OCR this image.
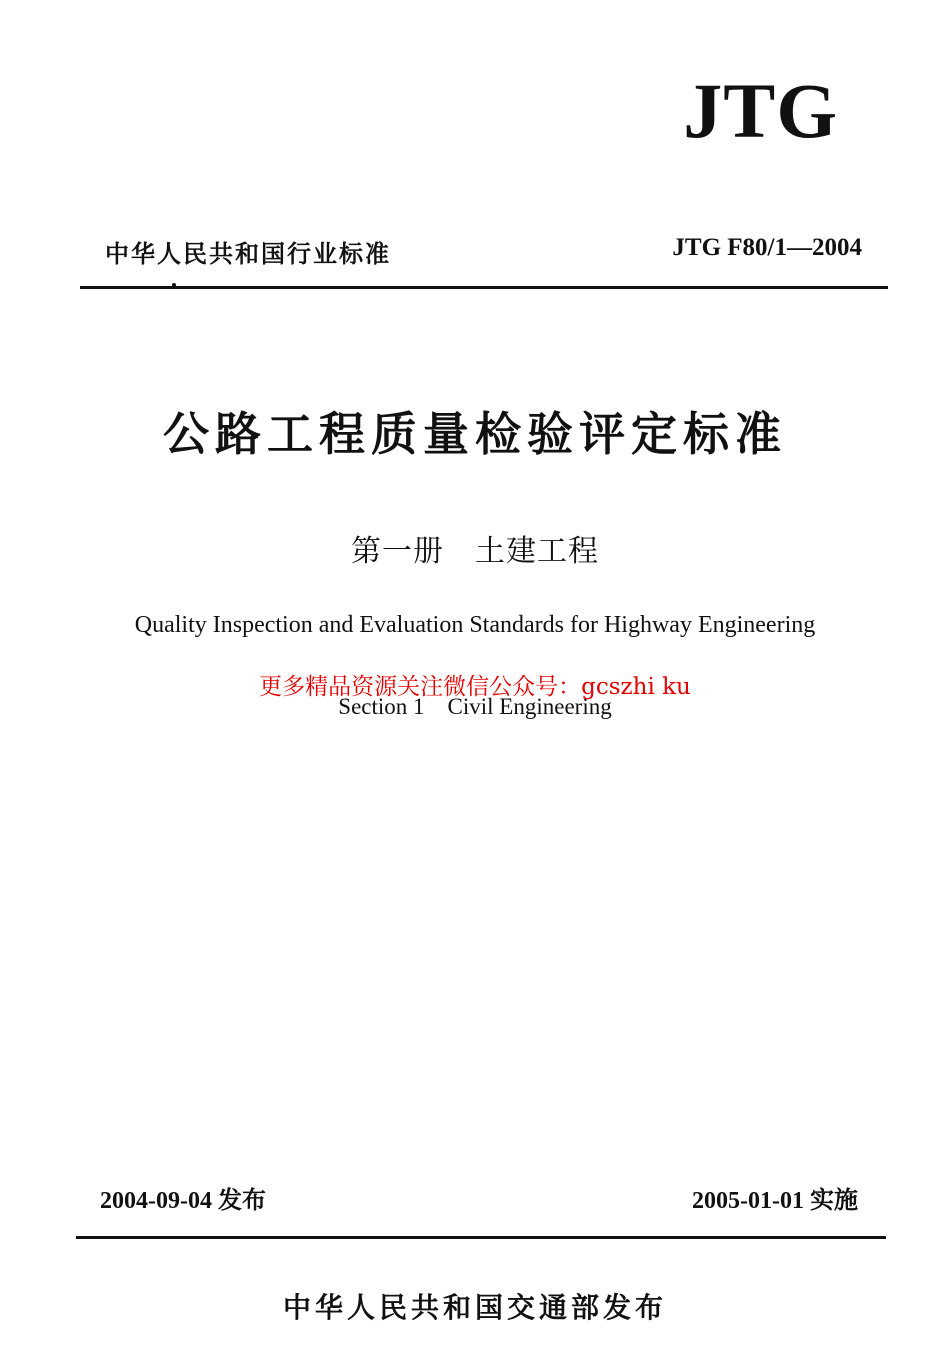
JTG
中华人民共和国行业标准	JTG F80/1—2004
公路工程质量检验评定标准
第一册　土建工程
Quality Inspection and Evaluation Standards for Highway Engineering
Section 1　Civil Engineering
更多精品资源关注微信公众号：gcszhi ku
2004-09-04 发布	2005-01-01 实施
中华人民共和国交通部发布
